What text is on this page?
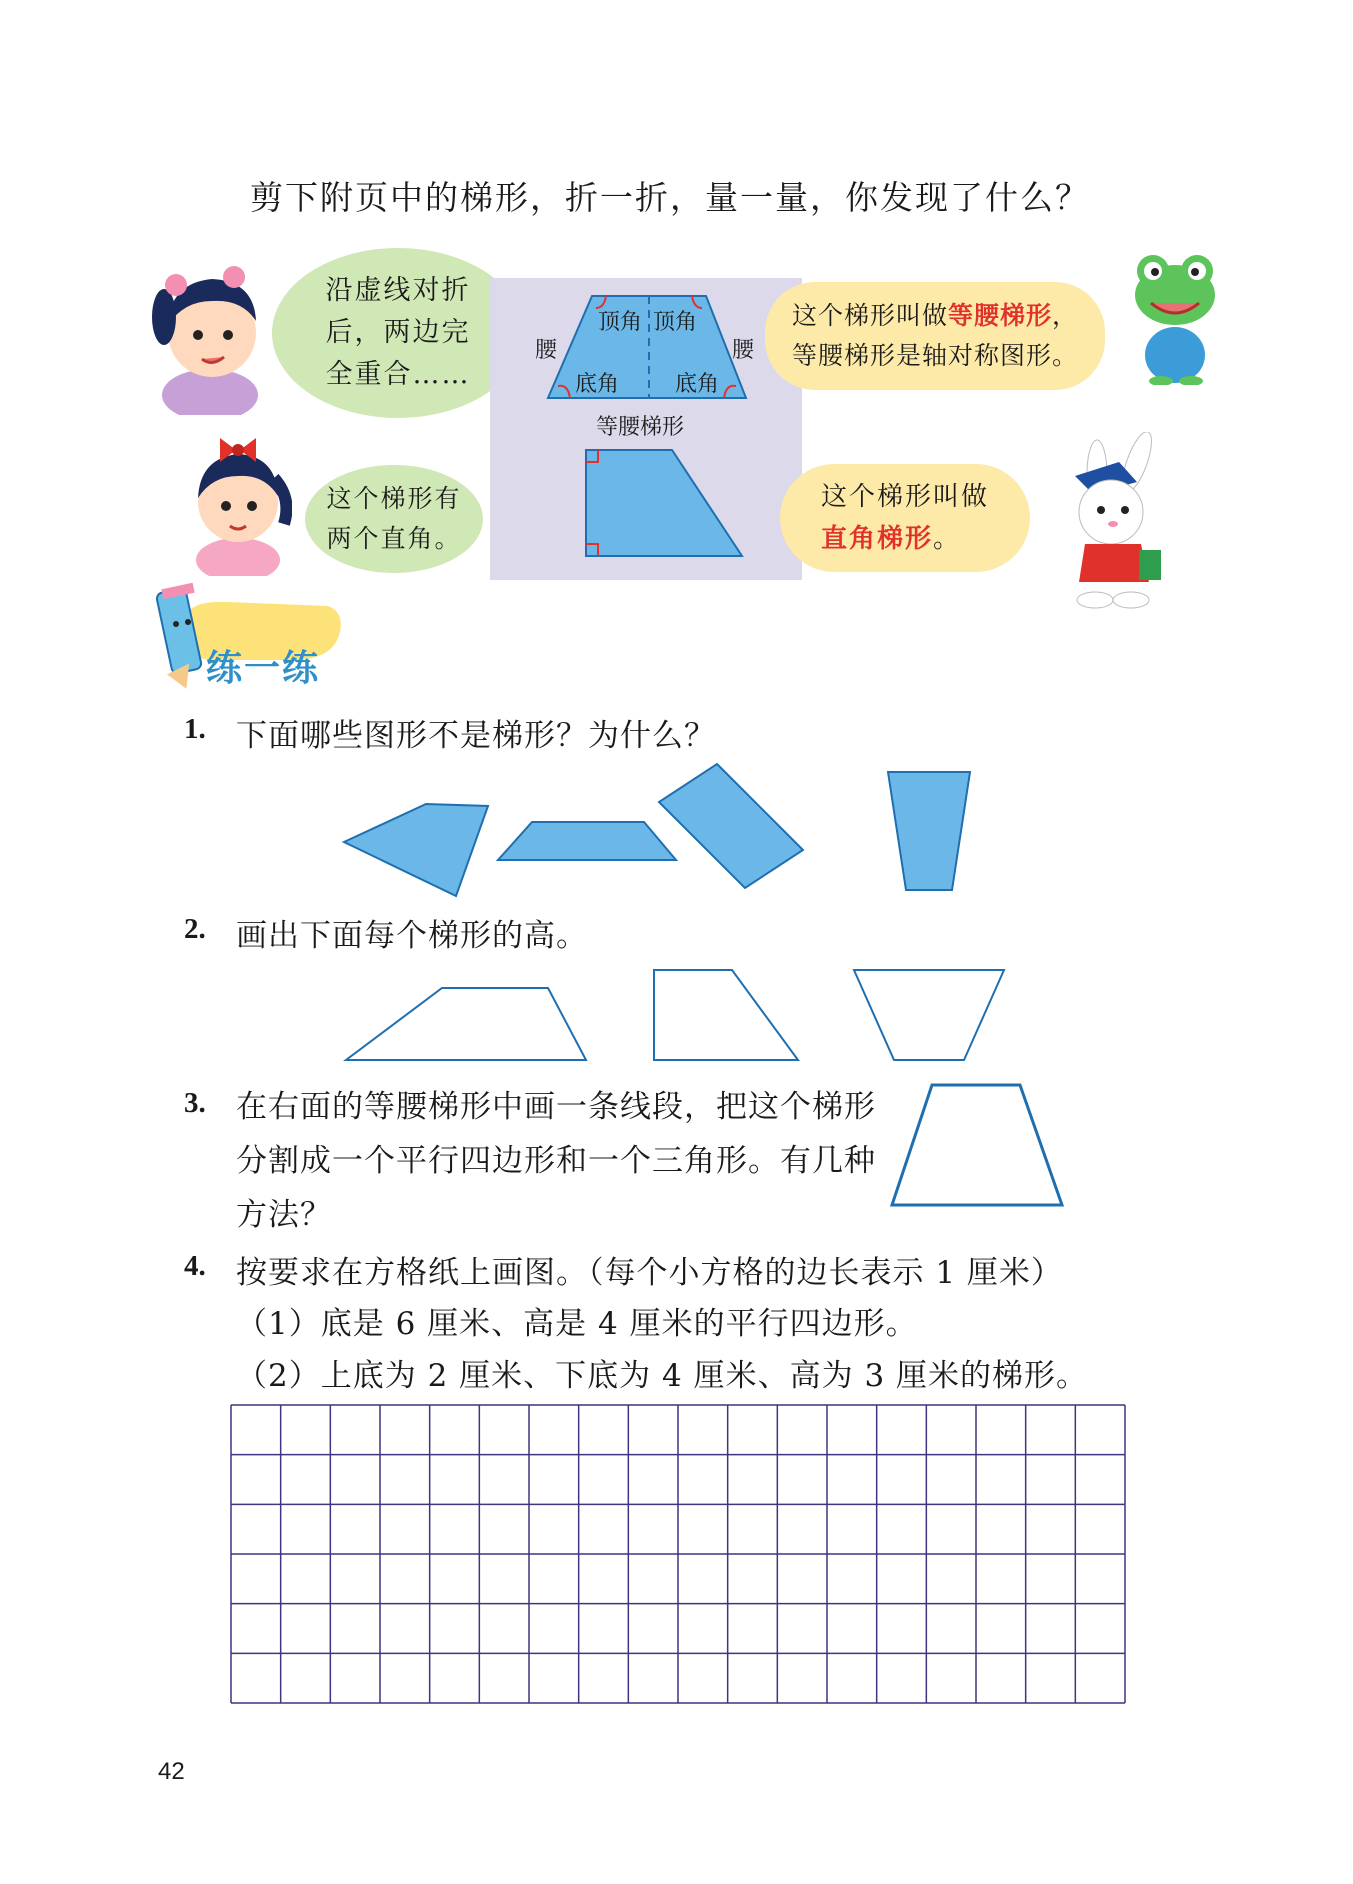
剪下附页中的梯形，折一折，量一量，你发现了什么？
沿虚线对折
后，两边完
全重合……
顶角 顶角
腰	腰
底角	底角
等腰梯形
这个梯形叫做等腰梯形，
等腰梯形是轴对称图形。
这个梯形有
两个直角。
这个梯形叫做
直角梯形。
练一练
1. 下面哪些图形不是梯形？为什么？
2. 画出下面每个梯形的高。
3. 在右面的等腰梯形中画一条线段，把这个梯形分割成一个平行四边形和一个三角形。有几种方法？
4. 按要求在方格纸上画图。（每个小方格的边长表示 1 厘米）
（1）底是 6 厘米、高是 4 厘米的平行四边形。
（2）上底为 2 厘米、下底为 4 厘米、高为 3 厘米的梯形。
42
